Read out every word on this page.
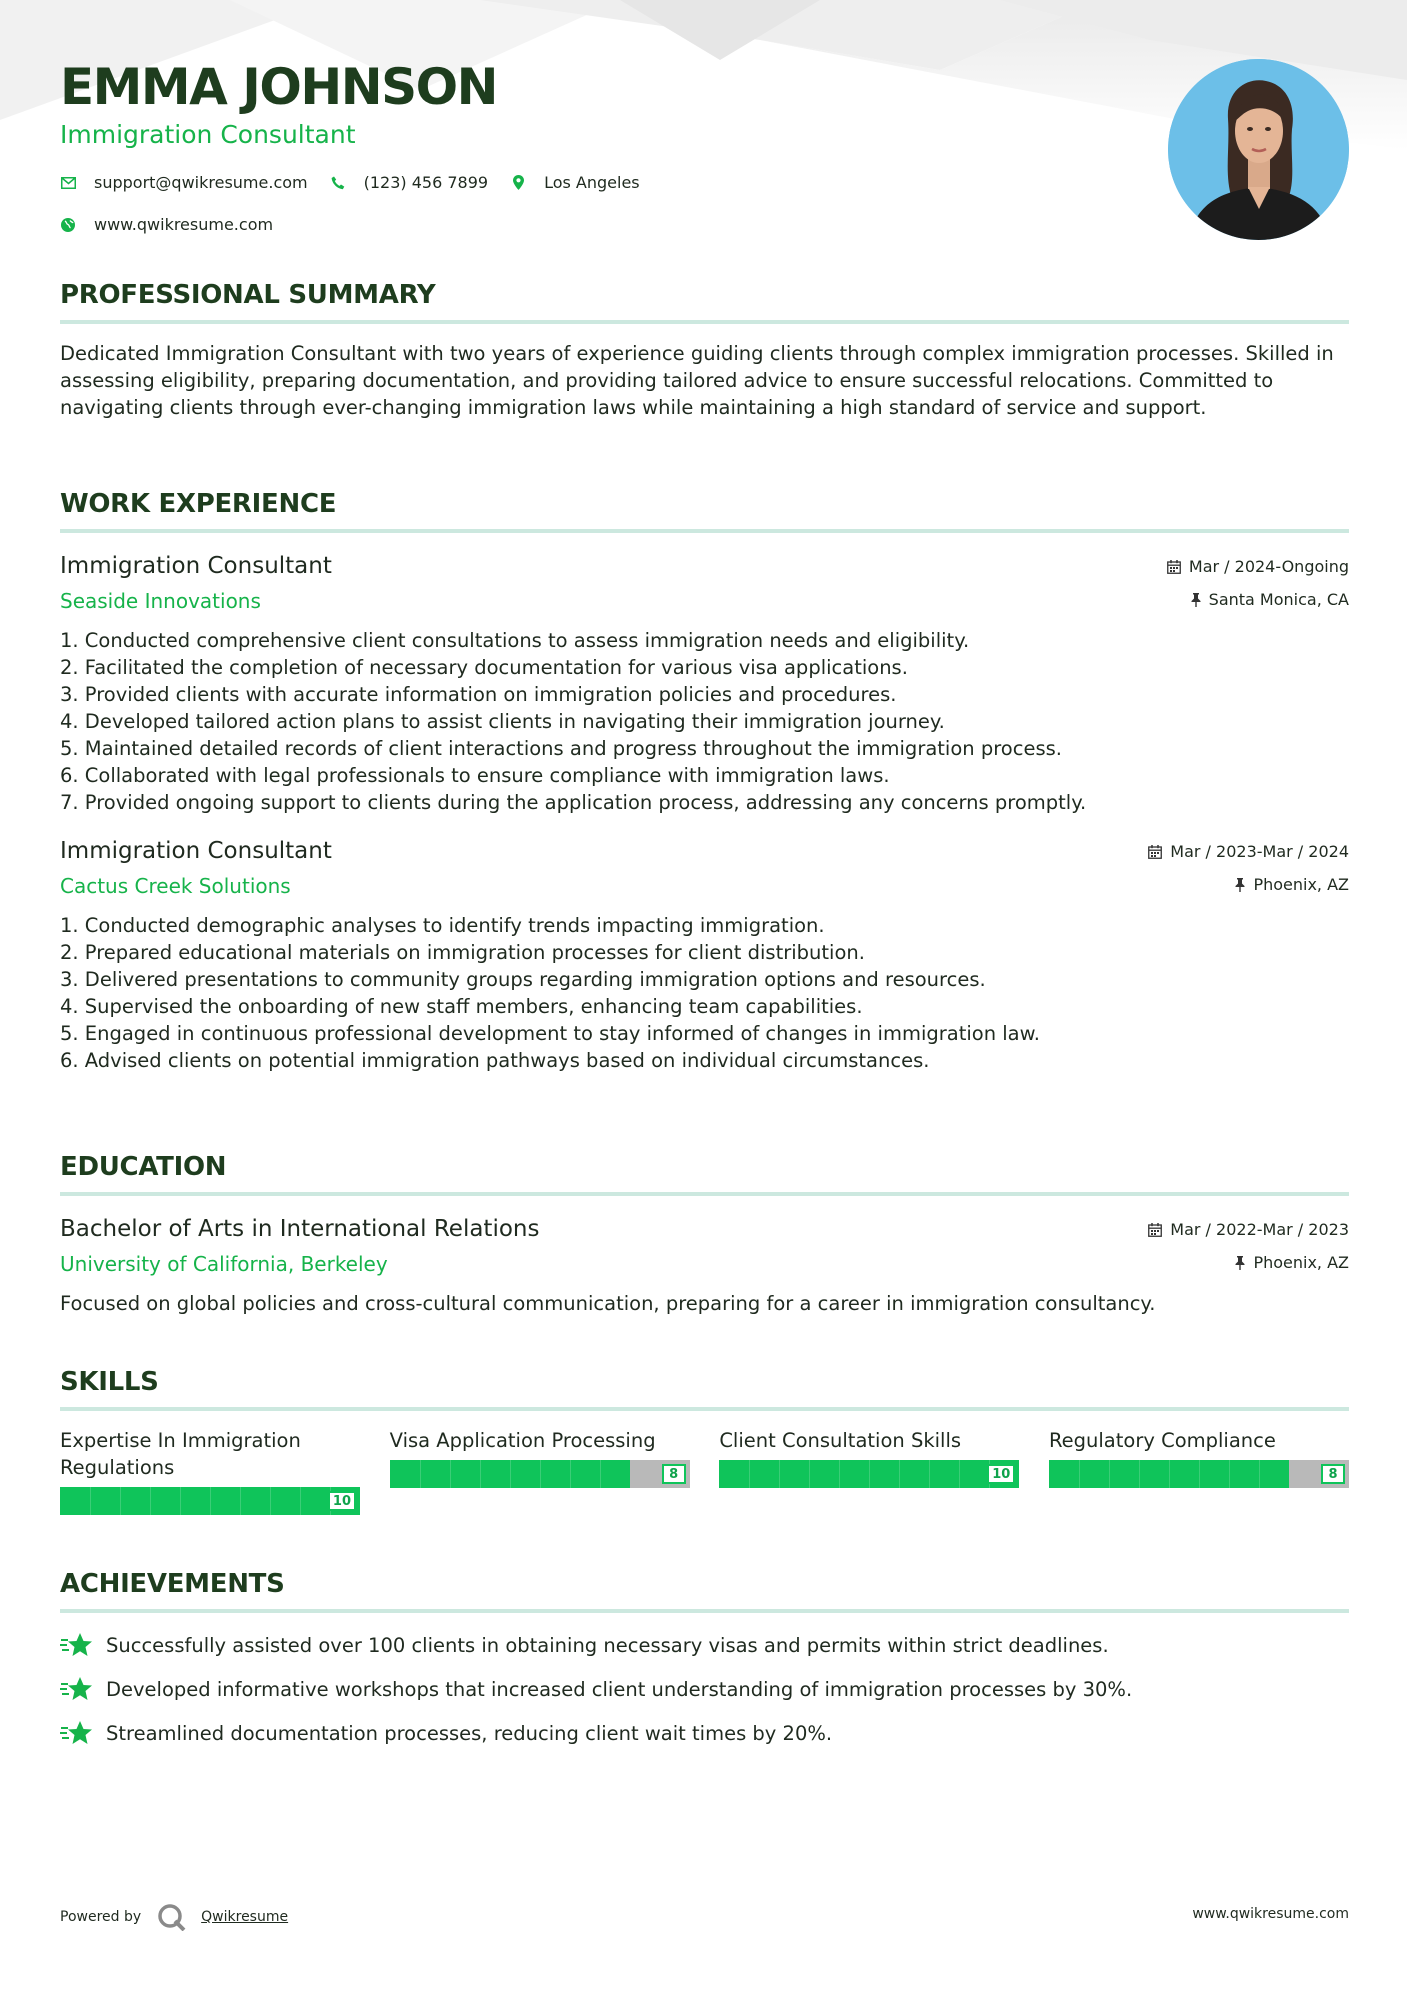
EMMA JOHNSON
Immigration Consultant
support@qwikresume.com	(123) 456 7899	Los Angeles
www.qwikresume.com
PROFESSIONAL SUMMARY

Dedicated Immigration Consultant with two years of experience guiding clients through complex immigration processes. Skilled in assessing eligibility, preparing documentation, and providing tailored advice to ensure successful relocations. Committed to navigating clients through ever-changing immigration laws while maintaining a high standard of service and support.

WORK EXPERIENCE
Immigration Consultant
Seaside Innovations
Mar / 2024-Ongoing
Santa Monica, CA
1. Conducted comprehensive client consultations to assess immigration needs and eligibility.
2. Facilitated the completion of necessary documentation for various visa applications.
3. Provided clients with accurate information on immigration policies and procedures.
4. Developed tailored action plans to assist clients in navigating their immigration journey.
5. Maintained detailed records of client interactions and progress throughout the immigration process.
6. Collaborated with legal professionals to ensure compliance with immigration laws.
7. Provided ongoing support to clients during the application process, addressing any concerns promptly.
Immigration Consultant
Cactus Creek Solutions
Mar / 2023-Mar / 2024
Phoenix, AZ
1. Conducted demographic analyses to identify trends impacting immigration.
2. Prepared educational materials on immigration processes for client distribution.
3. Delivered presentations to community groups regarding immigration options and resources.
4. Supervised the onboarding of new staff members, enhancing team capabilities.
5. Engaged in continuous professional development to stay informed of changes in immigration law.
6. Advised clients on potential immigration pathways based on individual circumstances.
EDUCATION
Bachelor of Arts in International Relations
University of California, Berkeley
Mar / 2022-Mar / 2023
Phoenix, AZ

Focused on global policies and cross-cultural communication, preparing for a career in immigration consultancy.

SKILLS
Expertise In Immigration Regulations
10
Visa Application Processing
8
Client Consultation Skills
10
Regulatory Compliance
8
ACHIEVEMENTS
Successfully assisted over 100 clients in obtaining necessary visas and permits within strict deadlines.
Developed informative workshops that increased client understanding of immigration processes by 30%.
Streamlined documentation processes, reducing client wait times by 20%.
Powered by	Qwikresume	www.qwikresume.com
